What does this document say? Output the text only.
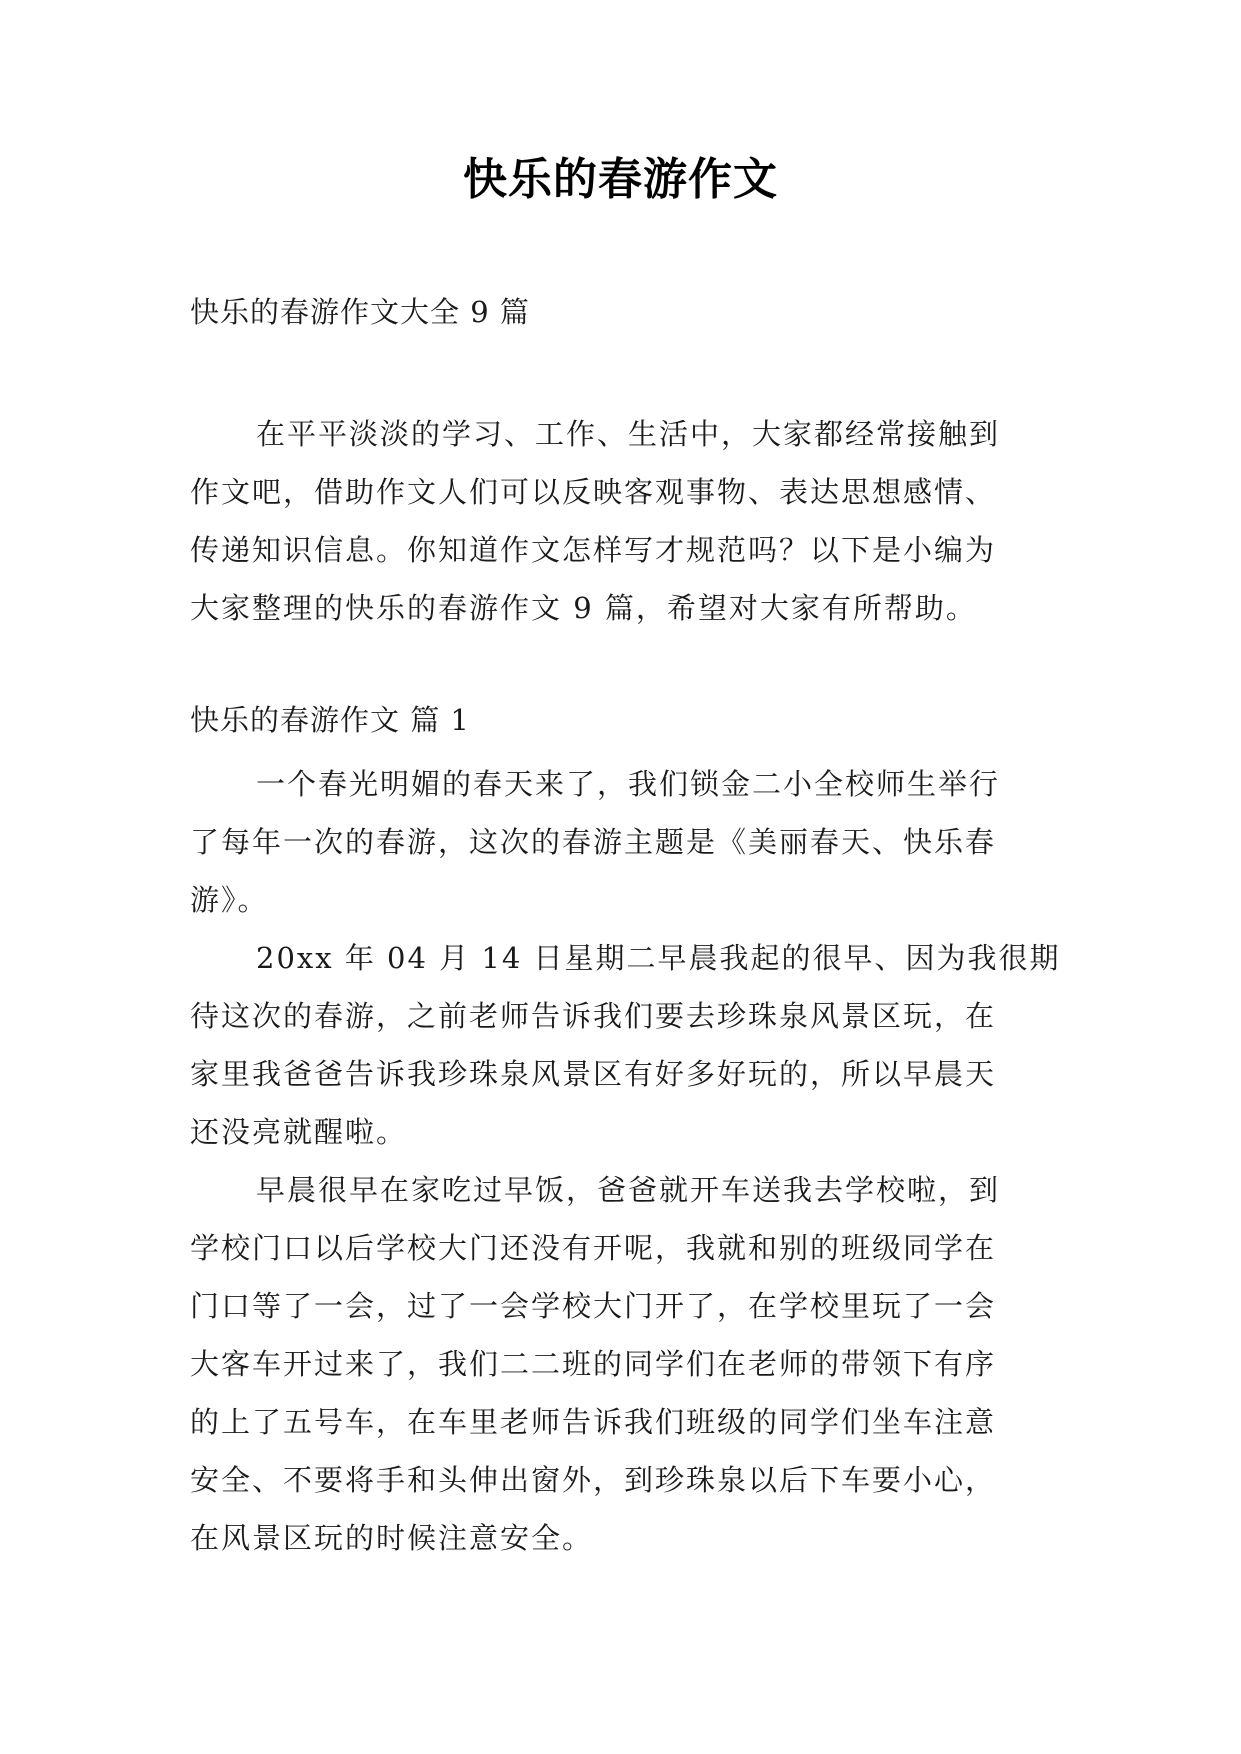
快乐的春游作文
快乐的春游作文大全 9 篇
在平平淡淡的学习、工作、生活中，大家都经常接触到
作文吧，借助作文人们可以反映客观事物、表达思想感情、
传递知识信息。你知道作文怎样写才规范吗？以下是小编为
大家整理的快乐的春游作文 9 篇，希望对大家有所帮助。
快乐的春游作文 篇 1
一个春光明媚的春天来了，我们锁金二小全校师生举行
了每年一次的春游，这次的春游主题是《美丽春天、快乐春
游》。
20xx 年 04 月 14 日星期二早晨我起的很早、因为我很期
待这次的春游，之前老师告诉我们要去珍珠泉风景区玩，在
家里我爸爸告诉我珍珠泉风景区有好多好玩的，所以早晨天
还没亮就醒啦。
早晨很早在家吃过早饭，爸爸就开车送我去学校啦，到
学校门口以后学校大门还没有开呢，我就和别的班级同学在
门口等了一会，过了一会学校大门开了，在学校里玩了一会
大客车开过来了，我们二二班的同学们在老师的带领下有序
的上了五号车，在车里老师告诉我们班级的同学们坐车注意
安全、不要将手和头伸出窗外，到珍珠泉以后下车要小心，
在风景区玩的时候注意安全。
